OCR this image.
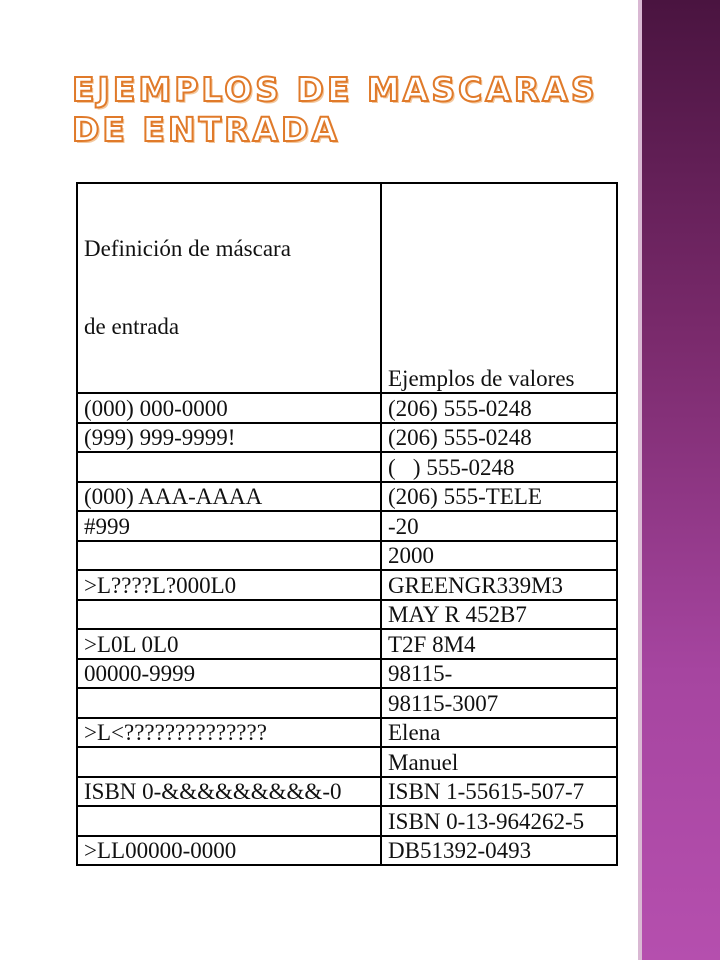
EJEMPLOS DE MASCARAS DE ENTRADA

Definición de máscara

de entrada	Ejemplos de valores
(000) 000-0000	(206) 555-0248
(999) 999-9999!	(206) 555-0248
	(   ) 555-0248
(000) AAA-AAAA	(206) 555-TELE
#999	-20
	2000
>L????L?000L0	GREENGR339M3
	MAY R 452B7
>L0L 0L0	T2F 8M4
00000-9999	98115-
	98115-3007
>L<??????????????	Elena
	Manuel
ISBN 0-&&&&&&&&&-0	ISBN 1-55615-507-7
	ISBN 0-13-964262-5
>LL00000-0000	DB51392-0493
